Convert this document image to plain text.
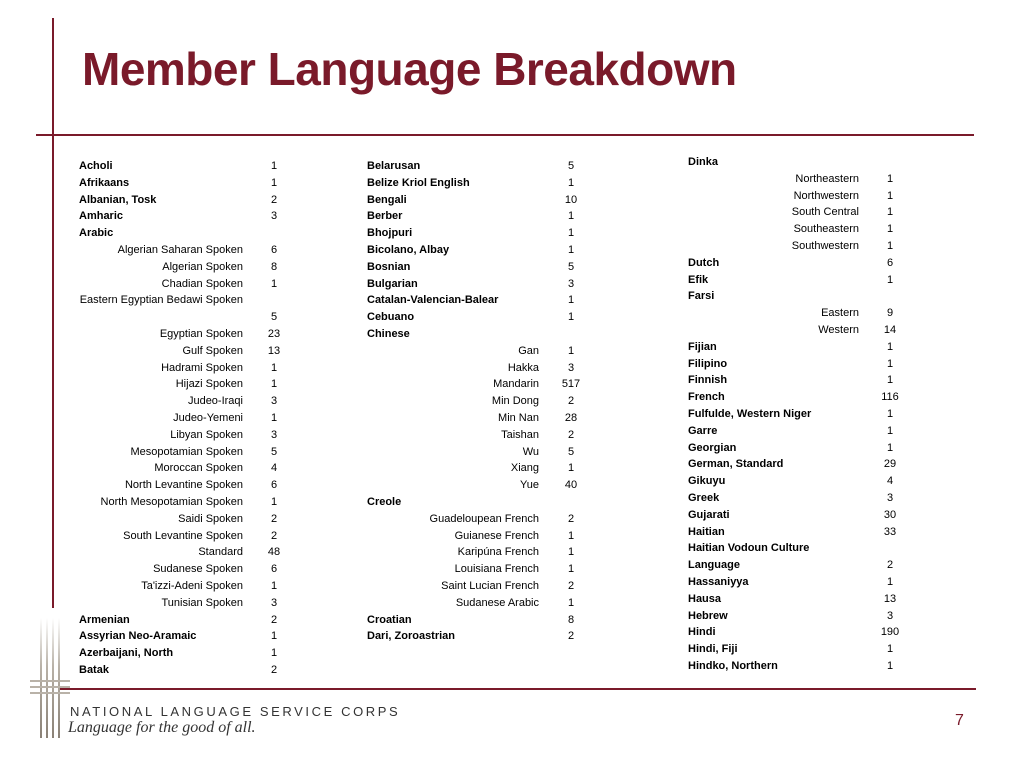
Member Language Breakdown
Acholi	1
Afrikaans	1
Albanian, Tosk	2
Amharic	3
Arabic
Algerian Saharan Spoken	6
Algerian Spoken	8
Chadian Spoken	1
Eastern Egyptian Bedawi Spoken
5
Egyptian Spoken	23
Gulf Spoken	13
Hadrami Spoken	1
Hijazi Spoken	1
Judeo-Iraqi	3
Judeo-Yemeni	1
Libyan Spoken	3
Mesopotamian Spoken	5
Moroccan Spoken	4
North Levantine Spoken	6
North Mesopotamian Spoken	1
Saidi Spoken	2
South Levantine Spoken	2
Standard	48
Sudanese Spoken	6
Ta'izzi-Adeni Spoken	1
Tunisian Spoken	3
Armenian	2
Assyrian Neo-Aramaic	1
Azerbaijani, North	1
Batak	2
Belarusan	5
Belize Kriol English	1
Bengali	10
Berber	1
Bhojpuri	1
Bicolano, Albay	1
Bosnian	5
Bulgarian	3
Catalan-Valencian-Balear	1
Cebuano	1
Chinese
Gan	1
Hakka	3
Mandarin	517
Min Dong	2
Min Nan	28
Taishan	2
Wu	5
Xiang	1
Yue	40
Creole
Guadeloupean French	2
Guianese French	1
Karipúna French	1
Louisiana French	1
Saint Lucian French	2
Sudanese Arabic	1
Croatian	8
Dari, Zoroastrian	2
Dinka
Northeastern	1
Northwestern	1
South Central	1
Southeastern	1
Southwestern	1
Dutch	6
Efik	1
Farsi
Eastern	9
Western	14
Fijian	1
Filipino	1
Finnish	1
French	116
Fulfulde, Western Niger	1
Garre	1
Georgian	1
German, Standard	29
Gikuyu	4
Greek	3
Gujarati	30
Haitian	33
Haitian Vodoun Culture Language	2
Hassaniyya	1
Hausa	13
Hebrew	3
Hindi	190
Hindi, Fiji	1
Hindko, Northern	1
NATIONAL LANGUAGE SERVICE CORPS
Language for the good of all.	7
